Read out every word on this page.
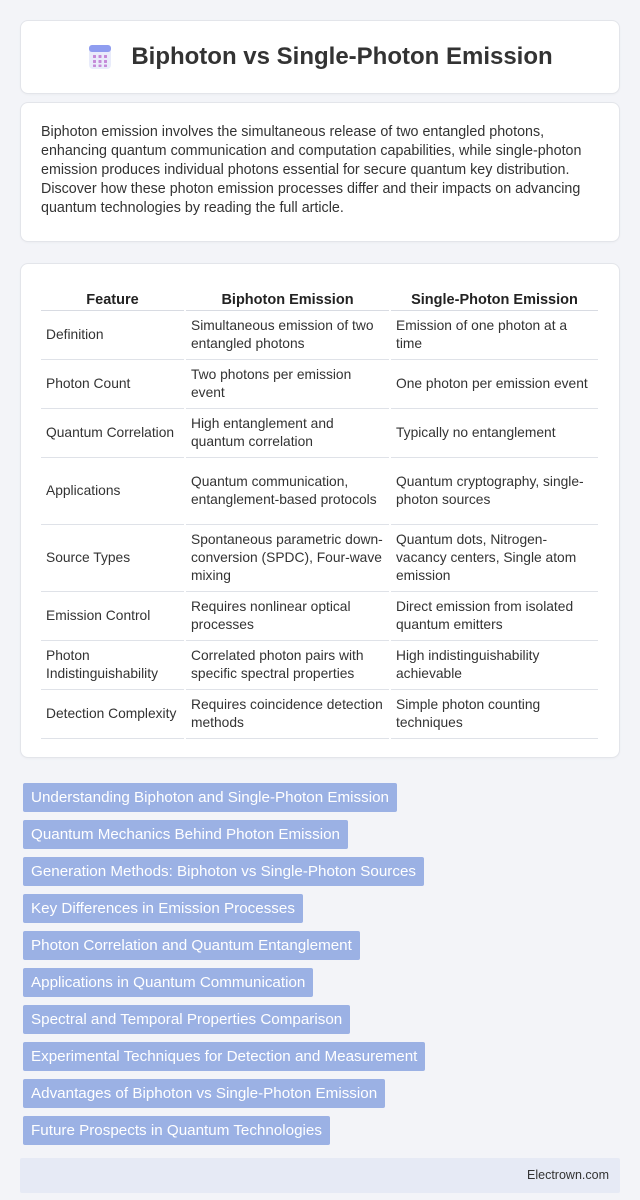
Biphoton vs Single-Photon Emission

Biphoton emission involves the simultaneous release of two entangled photons, enhancing quantum communication and computation capabilities, while single-photon emission produces individual photons essential for secure quantum key distribution. Discover how these photon emission processes differ and their impacts on advancing quantum technologies by reading the full article.

Feature	Biphoton Emission	Single-Photon Emission
Definition	Simultaneous emission of two entangled photons	Emission of one photon at a time
Photon Count	Two photons per emission event	One photon per emission event
Quantum Correlation	High entanglement and quantum correlation	Typically no entanglement
Applications	Quantum communication, entanglement-based protocols	Quantum cryptography, single-photon sources
Source Types	Spontaneous parametric down-conversion (SPDC), Four-wave mixing	Quantum dots, Nitrogen-vacancy centers, Single atom emission
Emission Control	Requires nonlinear optical processes	Direct emission from isolated quantum emitters
Photon Indistinguishability	Correlated photon pairs with specific spectral properties	High indistinguishability achievable
Detection Complexity	Requires coincidence detection methods	Simple photon counting techniques
Understanding Biphoton and Single-Photon Emission
Quantum Mechanics Behind Photon Emission
Generation Methods: Biphoton vs Single-Photon Sources
Key Differences in Emission Processes
Photon Correlation and Quantum Entanglement
Applications in Quantum Communication
Spectral and Temporal Properties Comparison
Experimental Techniques for Detection and Measurement
Advantages of Biphoton vs Single-Photon Emission
Future Prospects in Quantum Technologies
Electrown.com
